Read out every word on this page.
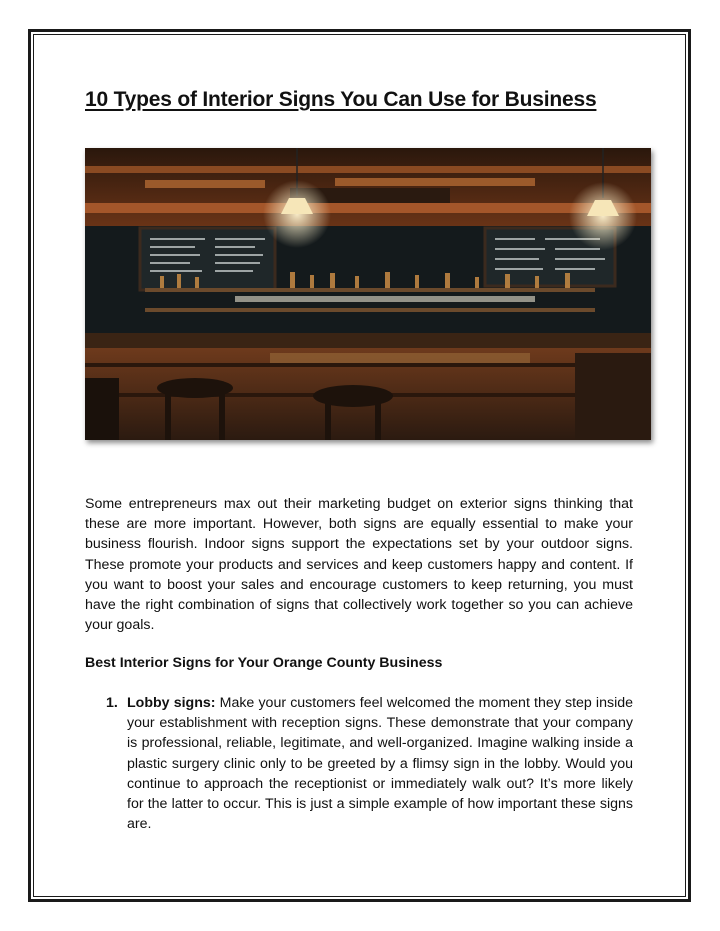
10 Types of Interior Signs You Can Use for Business

Some entrepreneurs max out their marketing budget on exterior signs thinking that these are more important. However, both signs are equally essential to make your business flourish. Indoor signs support the expectations set by your outdoor signs. These promote your products and services and keep customers happy and content. If you want to boost your sales and encourage customers to keep returning, you must have the right combination of signs that collectively work together so you can achieve your goals.

Best Interior Signs for Your Orange County Business
1. Lobby signs: Make your customers feel welcomed the moment they step inside your establishment with reception signs. These demonstrate that your company is professional, reliable, legitimate, and well-organized. Imagine walking inside a plastic surgery clinic only to be greeted by a flimsy sign in the lobby. Would you continue to approach the receptionist or immediately walk out? It’s more likely for the latter to occur. This is just a simple example of how important these signs are.
